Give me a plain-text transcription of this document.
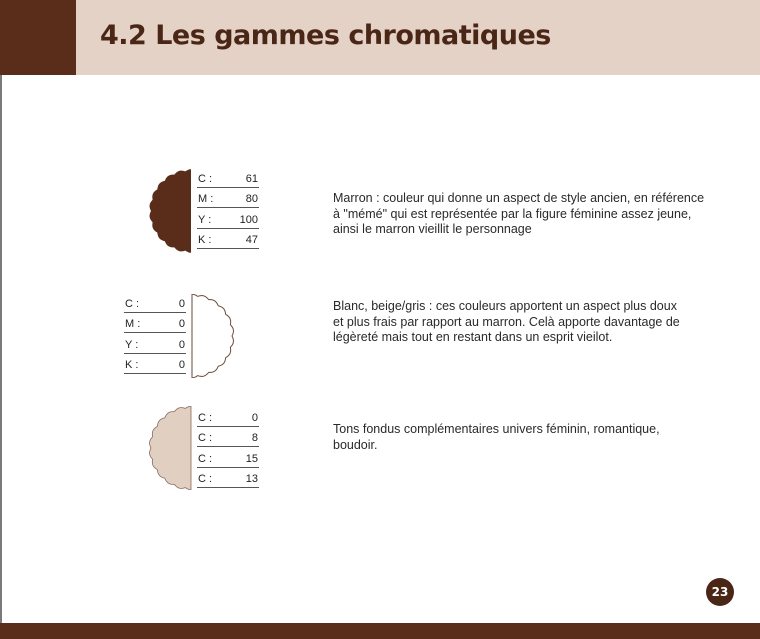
4.2 Les gammes chromatiques
C :	61
M :	80
Y :	100
K :	47
Marron : couleur qui donne un aspect de style ancien, en référence
à "mémé" qui est représentée par la figure féminine assez jeune,
ainsi le marron vieillit le personnage
C :	0
M :	0
Y :	0
K :	0
Blanc, beige/gris : ces couleurs apportent un aspect plus doux
et plus frais par rapport au marron. Celà apporte davantage de
légèreté mais tout en restant dans un esprit vieilot.
C :	0
C :	8
C :	15
C :	13
Tons fondus complémentaires univers féminin, romantique,
boudoir.
23
